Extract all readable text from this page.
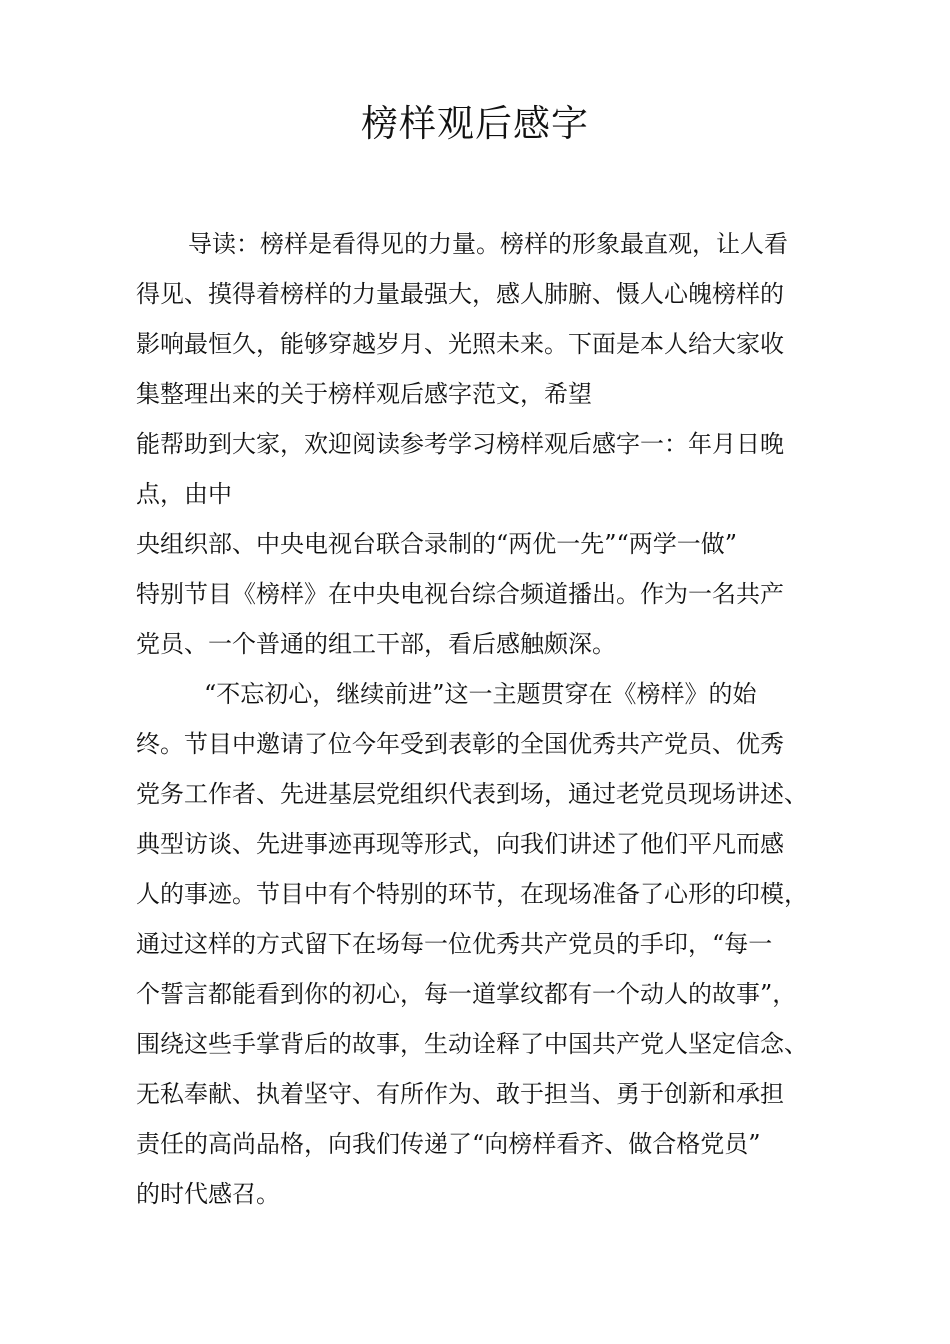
榜样观后感字
导读：榜样是看得见的力量。榜样的形象最直观，让人看
得见、摸得着榜样的力量最强大，感人肺腑、慑人心魄榜样的
影响最恒久，能够穿越岁月、光照未来。下面是本人给大家收
集整理出来的关于榜样观后感字范文，希望
能帮助到大家，欢迎阅读参考学习榜样观后感字一：年月日晚
点，由中
央组织部、中央电视台联合录制的“两优一先”“两学一做”
特别节目《榜样》在中央电视台综合频道播出。作为一名共产
党员、一个普通的组工干部，看后感触颇深。
“不忘初心，继续前进”这一主题贯穿在《榜样》的始
终。节目中邀请了位今年受到表彰的全国优秀共产党员、优秀
党务工作者、先进基层党组织代表到场，通过老党员现场讲述、
典型访谈、先进事迹再现等形式，向我们讲述了他们平凡而感
人的事迹。节目中有个特别的环节，在现场准备了心形的印模，
通过这样的方式留下在场每一位优秀共产党员的手印，“每一
个誓言都能看到你的初心，每一道掌纹都有一个动人的故事”，
围绕这些手掌背后的故事，生动诠释了中国共产党人坚定信念、
无私奉献、执着坚守、有所作为、敢于担当、勇于创新和承担
责任的高尚品格，向我们传递了“向榜样看齐、做合格党员”
的时代感召。
